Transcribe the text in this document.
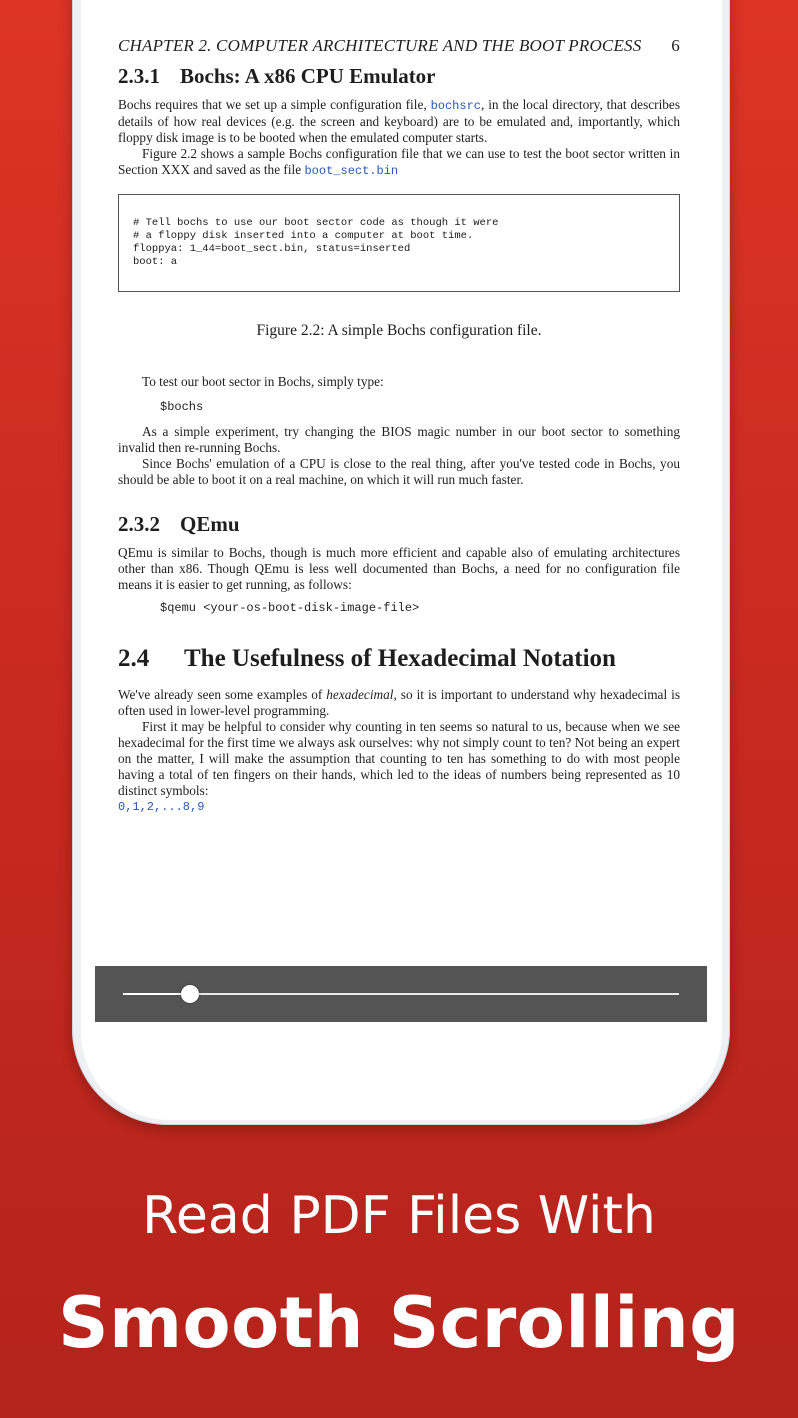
CHAPTER 2. COMPUTER ARCHITECTURE AND THE BOOT PROCESS 6
2.3.1 Bochs: A x86 CPU Emulator

Bochs requires that we set up a simple configuration file, bochsrc, in the local directory, that describes details of how real devices (e.g. the screen and keyboard) are to be emulated and, importantly, which floppy disk image is to be booted when the emulated computer starts.

Figure 2.2 shows a sample Bochs configuration file that we can use to test the boot sector written in Section XXX and saved as the file boot_sect.bin

# Tell bochs to use our boot sector code as though it were
# a floppy disk inserted into a computer at boot time.
floppya: 1_44=boot_sect.bin, status=inserted
boot: a
Figure 2.2: A simple Bochs configuration file.

To test our boot sector in Bochs, simply type:

$bochs

As a simple experiment, try changing the BIOS magic number in our boot sector to something invalid then re-running Bochs.

Since Bochs' emulation of a CPU is close to the real thing, after you've tested code in Bochs, you should be able to boot it on a real machine, on which it will run much faster.

2.3.2 QEmu

QEmu is similar to Bochs, though is much more efficient and capable also of emulating architectures other than x86. Though QEmu is less well documented than Bochs, a need for no configuration file means it is easier to get running, as follows:

$qemu <your-os-boot-disk-image-file>
2.4	The Usefulness of Hexadecimal Notation

We've already seen some examples of hexadecimal, so it is important to understand why hexadecimal is often used in lower-level programming.

First it may be helpful to consider why counting in ten seems so natural to us, because when we see hexadecimal for the first time we always ask ourselves: why not simply count to ten? Not being an expert on the matter, I will make the assumption that counting to ten has something to do with most people having a total of ten fingers on their hands, which led to the ideas of numbers being represented as 10 distinct symbols:

0,1,2,...8,9
Read PDF Files With
Smooth Scrolling
